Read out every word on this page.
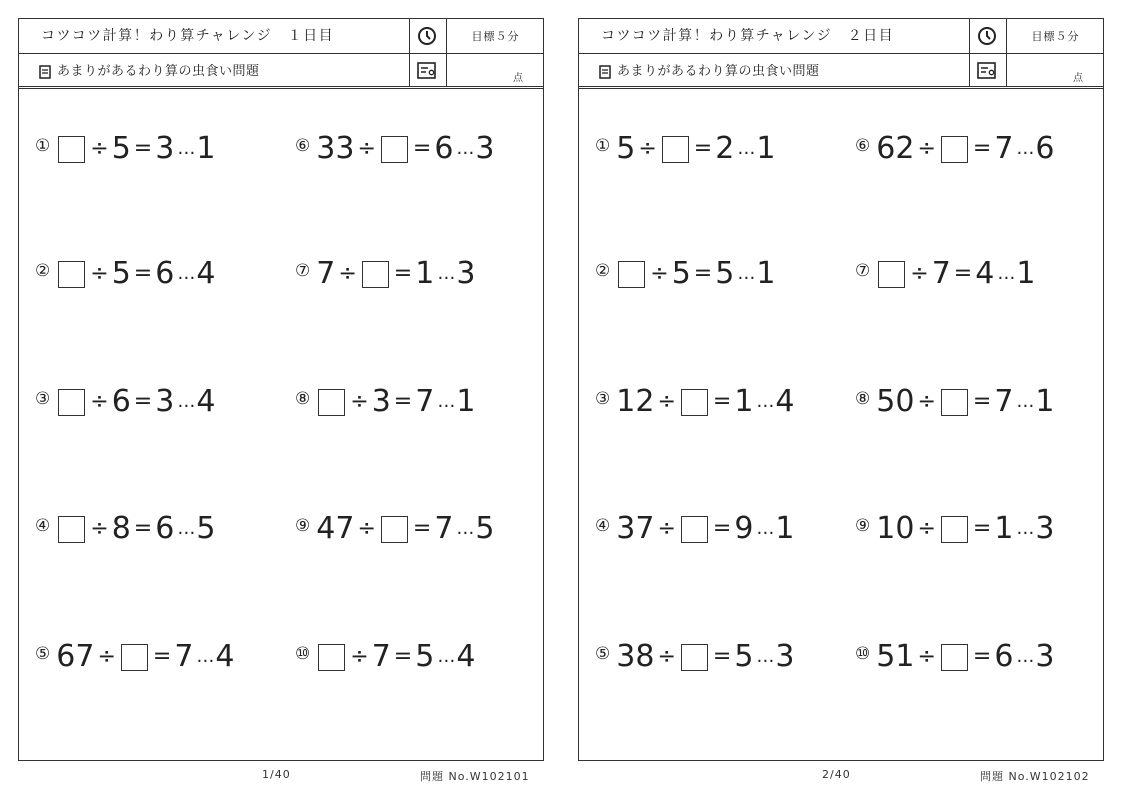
コツコツ計算！わり算チャレンジ　１日目	目標５分
あまりがあるわり算の虫食い問題	点
① ÷ 5 = 3 … 1
② ÷ 5 = 6 … 4
③ ÷ 6 = 3 … 4
④ ÷ 8 = 6 … 5
⑤ 67 ÷ = 7 … 4
⑥ 33 ÷ = 6 … 3
⑦ 7 ÷ = 1 … 3
⑧ ÷ 3 = 7 … 1
⑨ 47 ÷ = 7 … 5
⑩ ÷ 7 = 5 … 4
1/40	問題 No.W102101
コツコツ計算！わり算チャレンジ　２日目	目標５分
あまりがあるわり算の虫食い問題	点
① 5 ÷ = 2 … 1
② ÷ 5 = 5 … 1
③ 12 ÷ = 1 … 4
④ 37 ÷ = 9 … 1
⑤ 38 ÷ = 5 … 3
⑥ 62 ÷ = 7 … 6
⑦ ÷ 7 = 4 … 1
⑧ 50 ÷ = 7 … 1
⑨ 10 ÷ = 1 … 3
⑩ 51 ÷ = 6 … 3
2/40	問題 No.W102102
